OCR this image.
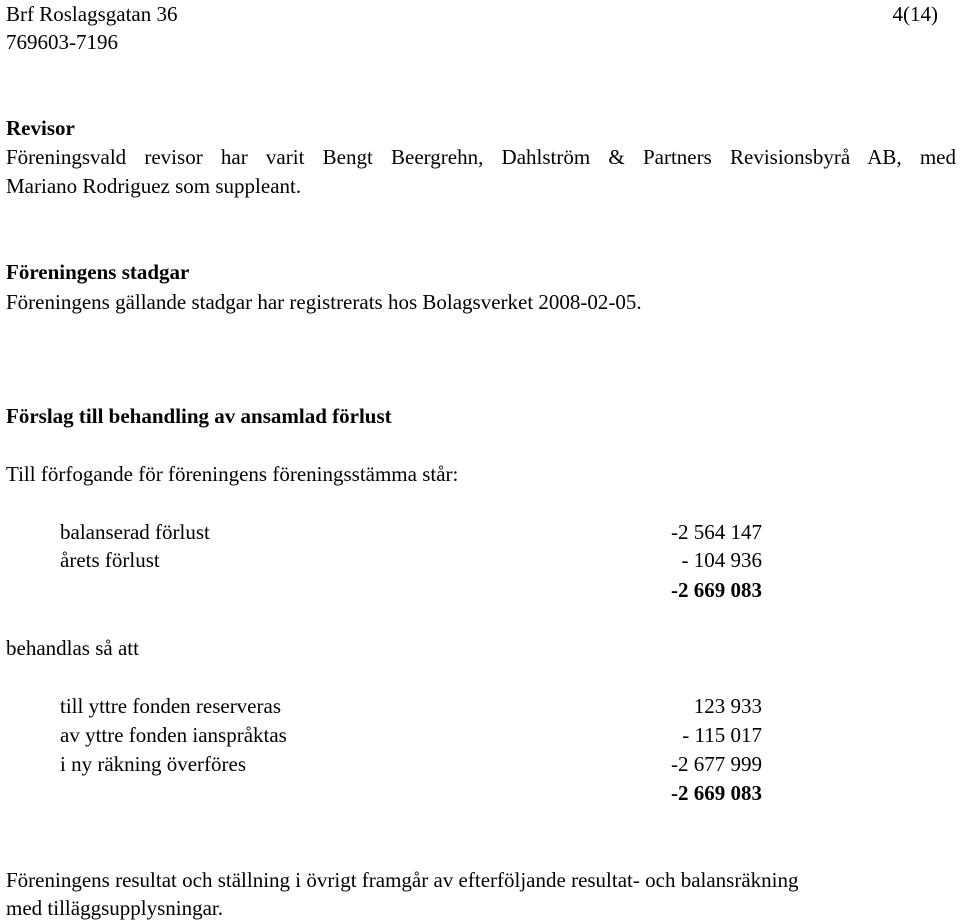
Brf Roslagsgatan 36
769603-7196
4(14)
Revisor
Föreningsvald revisor har varit Bengt Beergrehn, Dahlström & Partners Revisionsbyrå AB, med
Mariano Rodriguez som suppleant.
Föreningens stadgar
Föreningens gällande stadgar har registrerats hos Bolagsverket 2008-02-05.
Förslag till behandling av ansamlad förlust
Till förfogande för föreningens föreningsstämma står:
balanserad förlust	-2 564 147
årets förlust	- 104 936
-2 669 083
behandlas så att
till yttre fonden reserveras	123 933
av yttre fonden ianspråktas	- 115 017
i ny räkning överföres	-2 677 999
-2 669 083
Föreningens resultat och ställning i övrigt framgår av efterföljande resultat- och balansräkning
med tilläggsupplysningar.
